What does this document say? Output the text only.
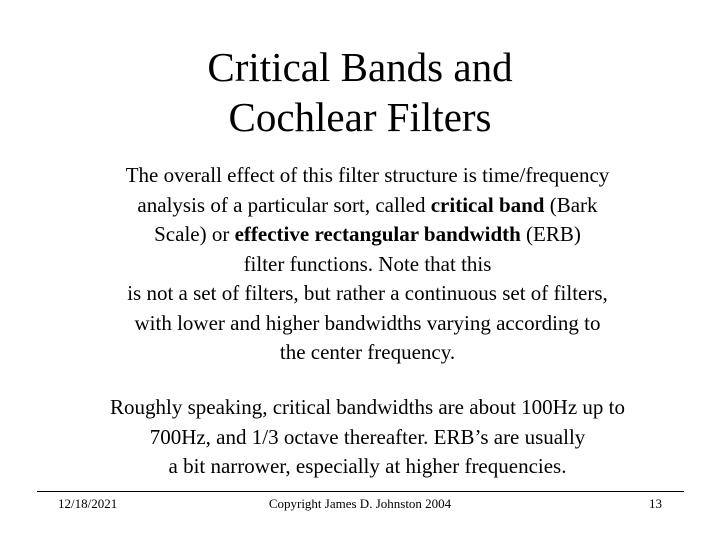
Critical Bands and
Cochlear Filters
The overall effect of this filter structure is time/frequency
analysis of a particular sort, called critical band (Bark
Scale) or effective rectangular bandwidth (ERB)
filter functions. Note that this
is not a set of filters, but rather a continuous set of filters,
with lower and higher bandwidths varying according to
the center frequency.
Roughly speaking, critical bandwidths are about 100Hz up to
700Hz, and 1/3 octave thereafter. ERB’s are usually
a bit narrower, especially at higher frequencies.
12/18/2021	Copyright James D. Johnston 2004	13
